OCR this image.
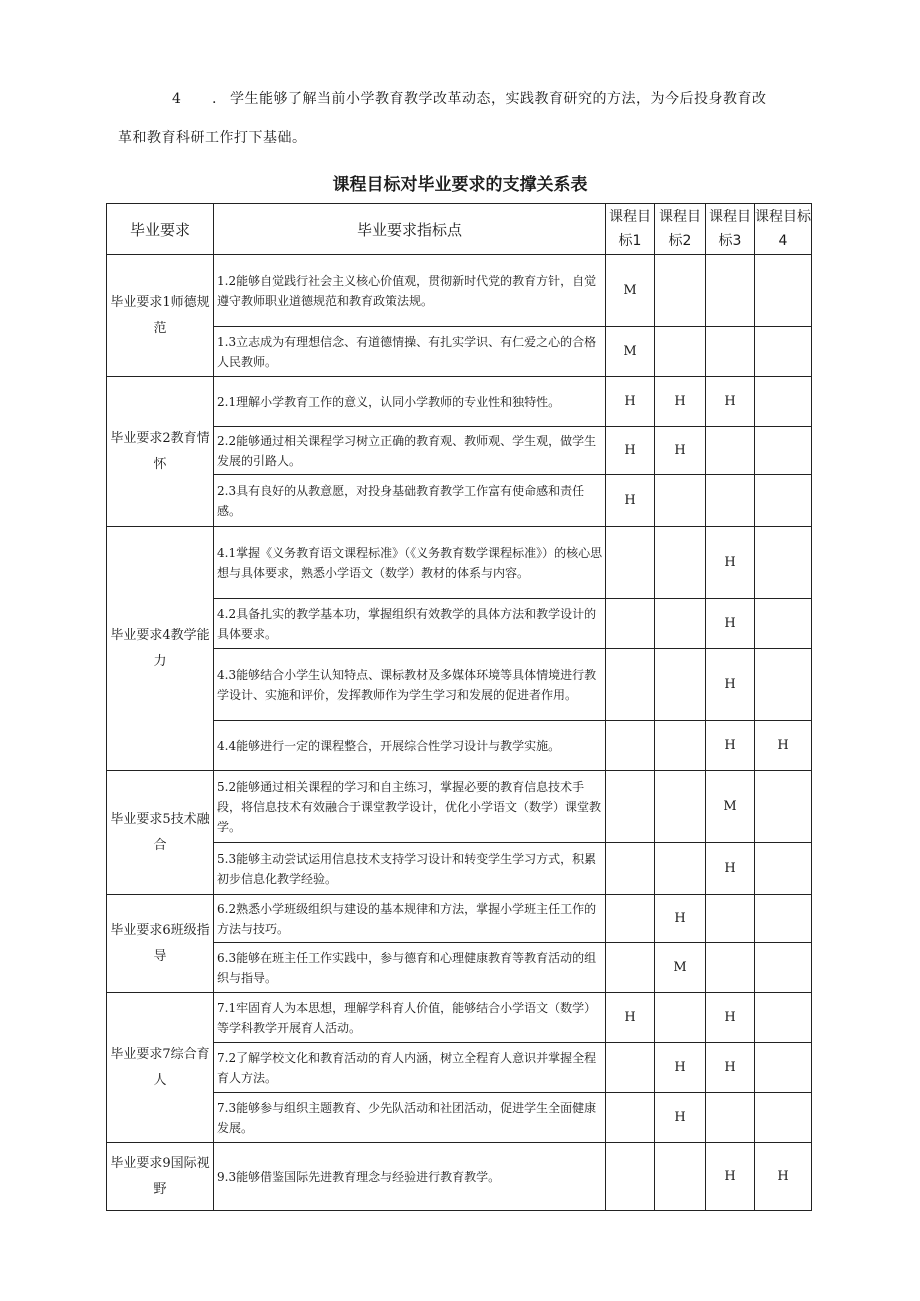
4 . 学生能够了解当前小学教育教学改革动态，实践教育研究的方法，为今后投身教育改
革和教育科研工作打下基础。
课程目标对毕业要求的支撑关系表
毕业要求	毕业要求指标点	课程目标1	课程目标2	课程目标3	课程目标4
毕业要求1师德规范	1.2能够自觉践行社会主义核心价值观，贯彻新时代党的教育方针，自觉遵守教师职业道德规范和教育政策法规。	M			
	1.3立志成为有理想信念、有道德情操、有扎实学识、有仁爱之心的合格人民教师。	M			
毕业要求2教育情怀	2.1理解小学教育工作的意义，认同小学教师的专业性和独特性。	H	H	H	
	2.2能够通过相关课程学习树立正确的教育观、教师观、学生观，做学生发展的引路人。	H	H		
	2.3具有良好的从教意愿，对投身基础教育教学工作富有使命感和责任感。	H			
毕业要求4教学能力	4.1掌握《义务教育语文课程标准》（《义务教育数学课程标准》）的核心思想与具体要求，熟悉小学语文（数学）教材的体系与内容。			H	
	4.2具备扎实的教学基本功，掌握组织有效教学的具体方法和教学设计的具体要求。			H	
	4.3能够结合小学生认知特点、课标教材及多媒体环境等具体情境进行教学设计、实施和评价，发挥教师作为学生学习和发展的促进者作用。			H	
	4.4能够进行一定的课程整合，开展综合性学习设计与教学实施。			H	H
毕业要求5技术融合	5.2能够通过相关课程的学习和自主练习，掌握必要的教育信息技术手段，将信息技术有效融合于课堂教学设计，优化小学语文（数学）课堂教学。			M	
	5.3能够主动尝试运用信息技术支持学习设计和转变学生学习方式，积累初步信息化教学经验。			H	
毕业要求6班级指导	6.2熟悉小学班级组织与建设的基本规律和方法，掌握小学班主任工作的方法与技巧。		H		
	6.3能够在班主任工作实践中，参与德育和心理健康教育等教育活动的组织与指导。		M		
毕业要求7综合育人	7.1牢固育人为本思想，理解学科育人价值，能够结合小学语文（数学）等学科教学开展育人活动。	H		H	
	7.2了解学校文化和教育活动的育人内涵，树立全程育人意识并掌握全程育人方法。		H	H	
	7.3能够参与组织主题教育、少先队活动和社团活动，促进学生全面健康发展。		H		
毕业要求9国际视野	9.3能够借鉴国际先进教育理念与经验进行教育教学。			H	H
